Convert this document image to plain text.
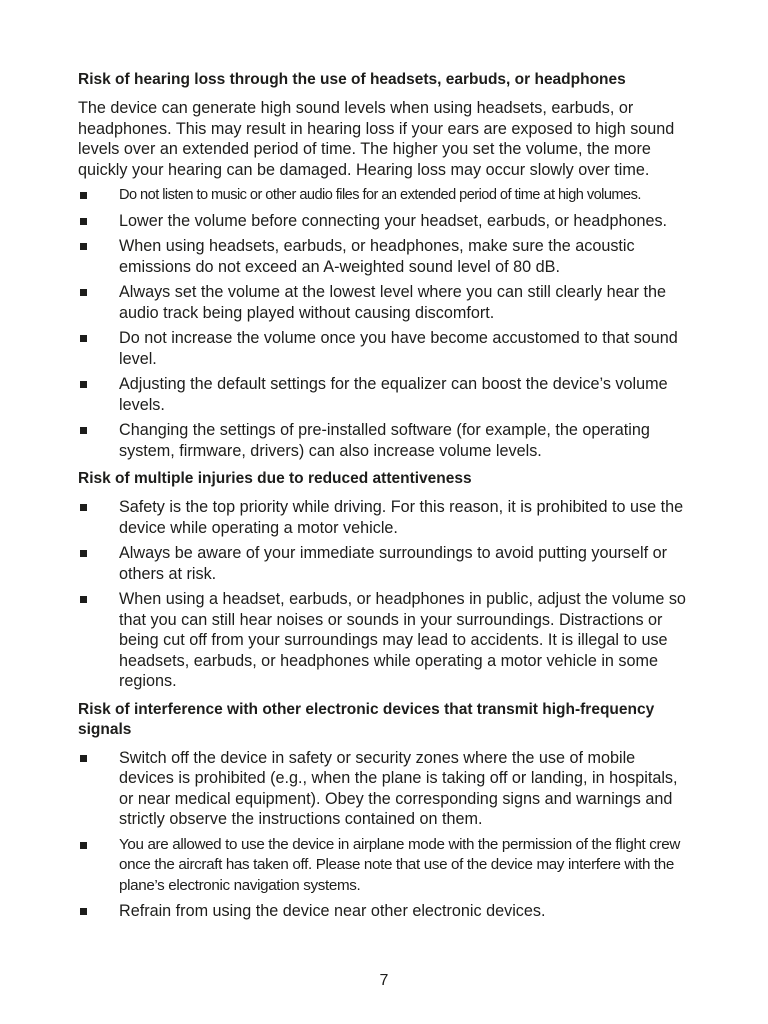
Risk of hearing loss through the use of headsets, earbuds, or headphones
The device can generate high sound levels when using headsets, earbuds, or headphones. This may result in hearing loss if your ears are exposed to high sound levels over an extended period of time. The higher you set the volume, the more quickly your hearing can be damaged. Hearing loss may occur slowly over time.
Do not listen to music or other audio files for an extended period of time at high volumes.
Lower the volume before connecting your headset, earbuds, or headphones.
When using headsets, earbuds, or headphones, make sure the acoustic emissions do not exceed an A-weighted sound level of 80 dB.
Always set the volume at the lowest level where you can still clearly hear the audio track being played without causing discomfort.
Do not increase the volume once you have become accustomed to that sound level.
Adjusting the default settings for the equalizer can boost the device’s volume levels.
Changing the settings of pre-installed software (for example, the operating system, firmware, drivers) can also increase volume levels.
Risk of multiple injuries due to reduced attentiveness
Safety is the top priority while driving. For this reason, it is prohibited to use the device while operating a motor vehicle.
Always be aware of your immediate surroundings to avoid putting yourself or others at risk.
When using a headset, earbuds, or headphones in public, adjust the volume so that you can still hear noises or sounds in your surroundings. Distractions or being cut off from your surroundings may lead to accidents. It is illegal to use headsets, earbuds, or headphones while operating a motor vehicle in some regions.
Risk of interference with other electronic devices that transmit high-frequency signals
Switch off the device in safety or security zones where the use of mobile devices is prohibited (e.g., when the plane is taking off or landing, in hospitals, or near medical equipment). Obey the corresponding signs and warnings and strictly observe the instructions contained on them.
You are allowed to use the device in airplane mode with the permission of the flight crew once the aircraft has taken off. Please note that use of the device may interfere with the plane’s electronic navigation systems.
Refrain from using the device near other electronic devices.
7
